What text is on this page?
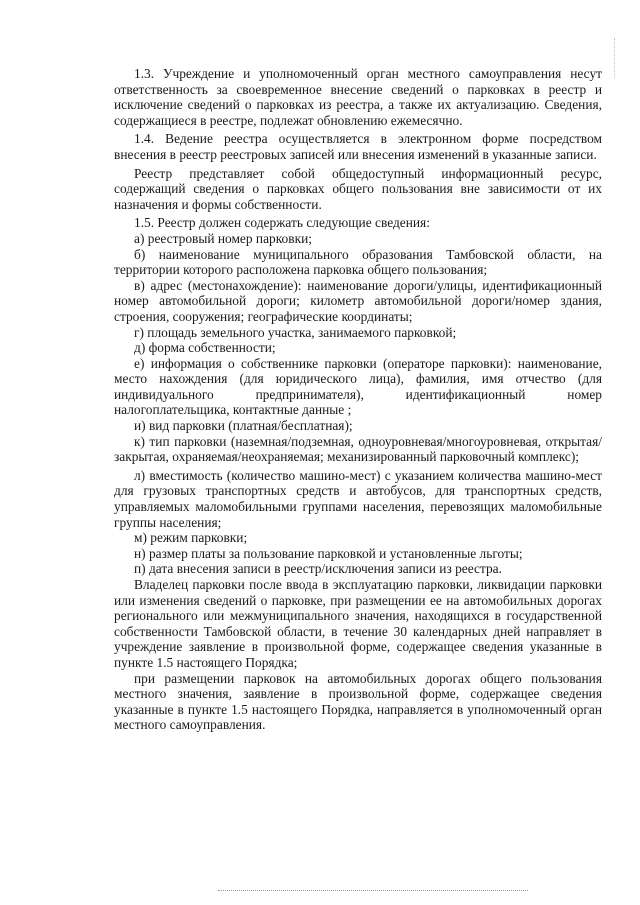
1.3. Учреждение и уполномоченный орган местного самоуправления несут ответственность за своевременное внесение сведений о парковках в реестр и исключение сведений о парковках из реестра, а также их актуализацию. Сведения, содержащиеся в реестре, подлежат обновлению ежемесячно.

1.4. Ведение реестра осуществляется в электронном форме посредством внесения в реестр реестровых записей или внесения изменений в указанные записи.

Реестр представляет собой общедоступный информационный ресурс, содержащий сведения о парковках общего пользования вне зависимости от их назначения и формы собственности.

1.5. Реестр должен содержать следующие сведения:

а) реестровый номер парковки;

б) наименование муниципального образования Тамбовской области, на территории которого расположена парковка общего пользования;

в) адрес (местонахождение): наименование дороги/улицы, идентификационный номер автомобильной дороги; километр автомобильной дороги/номер здания, строения, сооружения; географические координаты;

г) площадь земельного участка, занимаемого парковкой;

д) форма собственности;

е) информация о собственнике парковки (операторе парковки): наименование, место нахождения (для юридического лица), фамилия, имя отчество (для индивидуального предпринимателя), идентификационный номер налогоплательщика, контактные данные ;

и) вид парковки (платная/бесплатная);

к) тип парковки (наземная/подземная, одноуровневая/многоуровневая, открытая/закрытая, охраняемая/неохраняемая; механизированный парковочный комплекс);

л) вместимость (количество машино-мест) с указанием количества машино-мест для грузовых транспортных средств и автобусов, для транспортных средств, управляемых маломобильными группами населения, перевозящих маломобильные группы населения;

м) режим парковки;

н) размер платы за пользование парковкой и установленные льготы;

п) дата внесения записи в реестр/исключения записи из реестра.

Владелец парковки после ввода в эксплуатацию парковки, ликвидации парковки или изменения сведений о парковке, при размещении ее на автомобильных дорогах регионального или межмуниципального значения, находящихся в государственной собственности Тамбовской области, в течение 30 календарных дней направляет в учреждение заявление в произвольной форме, содержащее сведения указанные в пункте 1.5 настоящего Порядка;

при размещении парковок на автомобильных дорогах общего пользования местного значения, заявление в произвольной форме, содержащее сведения указанные в пункте 1.5 настоящего Порядка, направляется в уполномоченный орган местного самоуправления.
